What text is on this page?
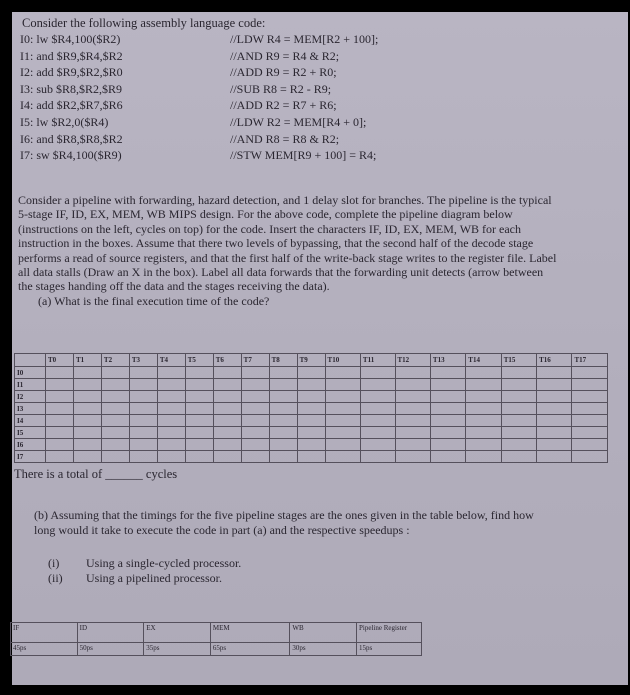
Consider the following assembly language code:
I0: lw $R4,100($R2)	//LDW R4 = MEM[R2 + 100];
I1: and $R9,$R4,$R2	//AND R9 = R4 & R2;
I2: add $R9,$R2,$R0	//ADD R9 = R2 + R0;
I3: sub $R8,$R2,$R9	//SUB R8 = R2 - R9;
I4: add $R2,$R7,$R6	//ADD R2 = R7 + R6;
I5: lw $R2,0($R4)	//LDW R2 = MEM[R4 + 0];
I6: and $R8,$R8,$R2	//AND R8 = R8 & R2;
I7: sw $R4,100($R9)	//STW MEM[R9 + 100] = R4;
Consider a pipeline with forwarding, hazard detection, and 1 delay slot for branches. The pipeline is the typical 5-stage IF, ID, EX, MEM, WB MIPS design. For the above code, complete the pipeline diagram below (instructions on the left, cycles on top) for the code. Insert the characters IF, ID, EX, MEM, WB for each instruction in the boxes. Assume that there two levels of bypassing, that the second half of the decode stage performs a read of source registers, and that the first half of the write-back stage writes to the register file. Label all data stalls (Draw an X in the box). Label all data forwards that the forwarding unit detects (arrow between the stages handing off the data and the stages receiving the data).
(a) What is the final execution time of the code?
	T0	T1	T2	T3	T4	T5	T6	T7	T8	T9	T10	T11	T12	T13	T14	T15	T16	T17
I0																		
I1																		
I2																		
I3																		
I4																		
I5																		
I6																		
I7																		
There is a total of ______ cycles
(b) Assuming that the timings for the five pipeline stages are the ones given in the table below, find how long would it take to execute the code in part (a) and the respective speedups :
(i) Using a single-cycled processor.
(ii) Using a pipelined processor.
IF	ID	EX	MEM	WB	Pipeline Register
45ps	50ps	35ps	65ps	30ps	15ps
